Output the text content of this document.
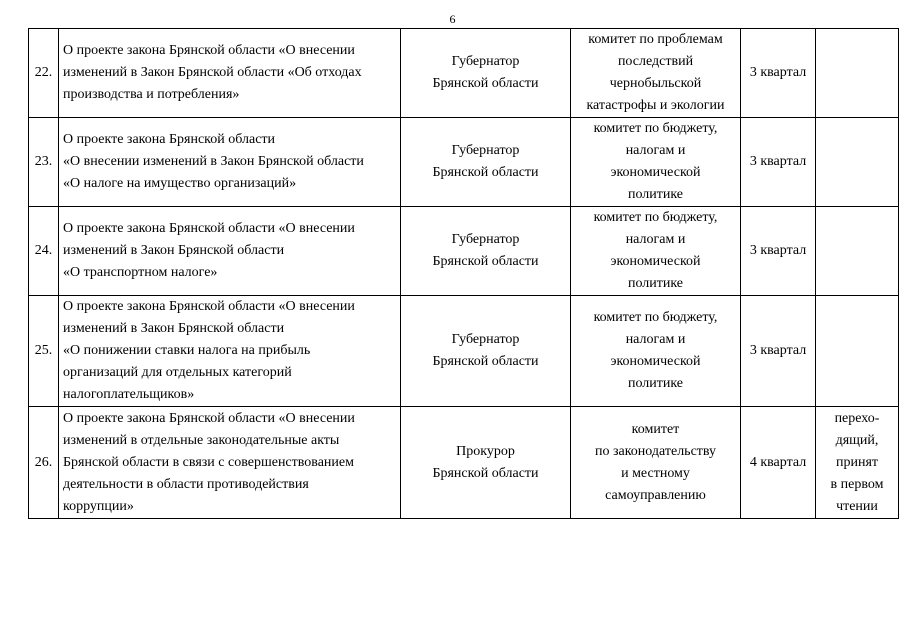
6
22.	О проекте закона Брянской области «О внесении
изменений в Закон Брянской области «Об отходах
производства и потребления»	Губернатор
Брянской области	комитет по проблемам
последствий
чернобыльской
катастрофы и экологии	3 квартал	
23.	О проекте закона Брянской области
«О внесении изменений в Закон Брянской области
«О налоге на имущество организаций»	Губернатор
Брянской области	комитет по бюджету,
налогам и
экономической
политике	3 квартал	
24.	О проекте закона Брянской области «О внесении
изменений в Закон Брянской области
«О транспортном налоге»	Губернатор
Брянской области	комитет по бюджету,
налогам и
экономической
политике	3 квартал	
25.	О проекте закона Брянской области «О внесении
изменений в Закон Брянской области
«О понижении ставки налога на прибыль
организаций для отдельных категорий
налогоплательщиков»	Губернатор
Брянской области	комитет по бюджету,
налогам и
экономической
политике	3 квартал	
26.	О проекте закона Брянской области «О внесении
изменений в отдельные законодательные акты
Брянской области в связи с совершенствованием
деятельности в области противодействия
коррупции»	Прокурор
Брянской области	комитет
по законодательству
и местному
самоуправлению	4 квартал	перехо-
дящий,
принят
в первом
чтении
